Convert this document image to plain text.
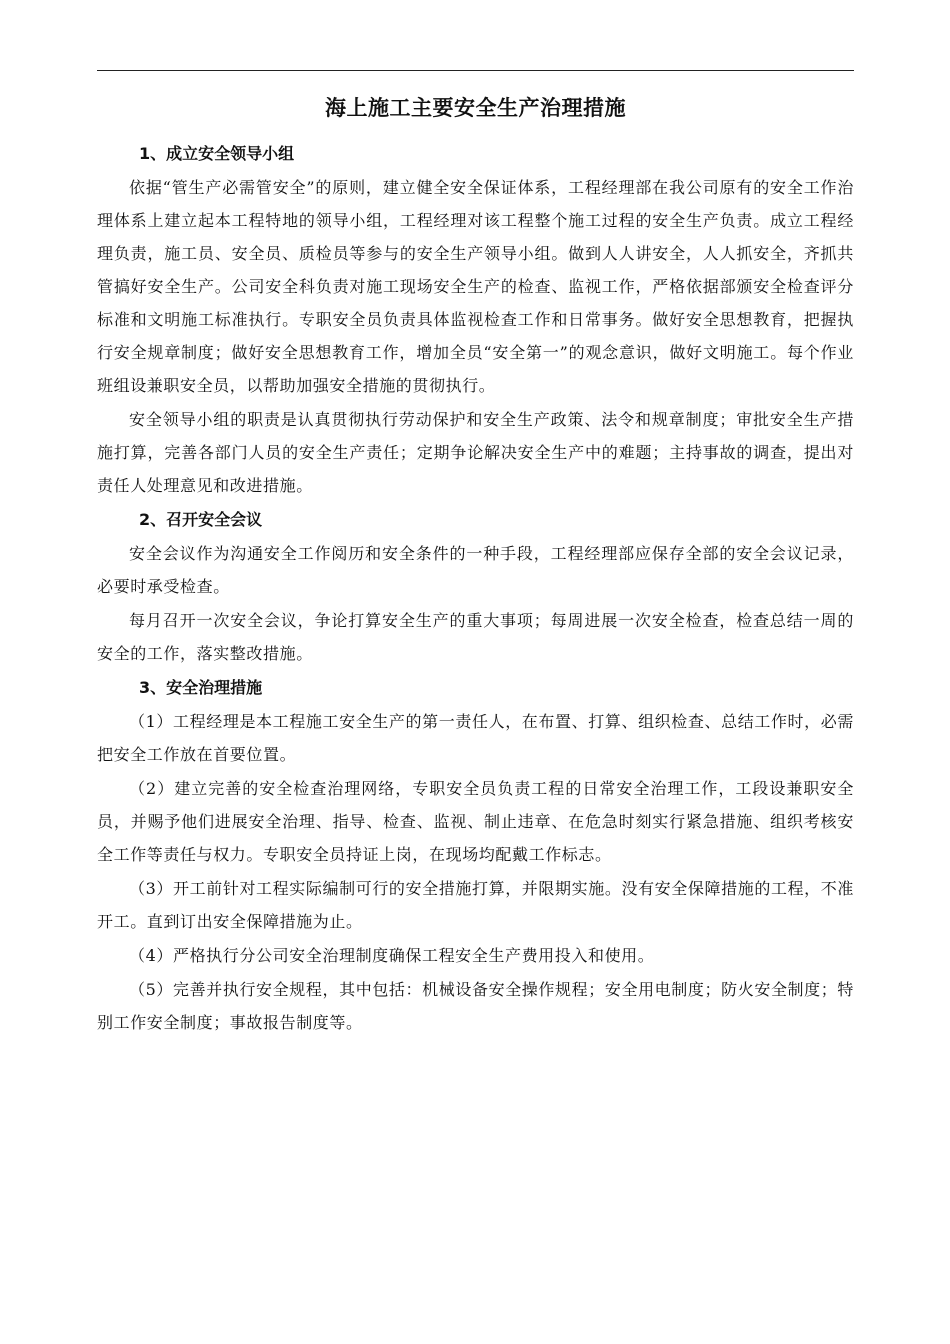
海上施工主要安全生产治理措施
1、成立安全领导小组

依据“管生产必需管安全”的原则，建立健全安全保证体系，工程经理部在我公司原有的安全工作治理体系上建立起本工程特地的领导小组，工程经理对该工程整个施工过程的安全生产负责。成立工程经理负责，施工员、安全员、质检员等参与的安全生产领导小组。做到人人讲安全，人人抓安全，齐抓共管搞好安全生产。公司安全科负责对施工现场安全生产的检查、监视工作，严格依据部颁安全检查评分标准和文明施工标准执行。专职安全员负责具体监视检查工作和日常事务。做好安全思想教育，把握执行安全规章制度；做好安全思想教育工作，增加全员“安全第一”的观念意识，做好文明施工。每个作业班组设兼职安全员，以帮助加强安全措施的贯彻执行。

安全领导小组的职责是认真贯彻执行劳动保护和安全生产政策、法令和规章制度；审批安全生产措施打算，完善各部门人员的安全生产责任；定期争论解决安全生产中的难题；主持事故的调查，提出对责任人处理意见和改进措施。

2、召开安全会议

安全会议作为沟通安全工作阅历和安全条件的一种手段，工程经理部应保存全部的安全会议记录，必要时承受检查。

每月召开一次安全会议，争论打算安全生产的重大事项；每周进展一次安全检查，检查总结一周的安全的工作，落实整改措施。

3、安全治理措施

（1）工程经理是本工程施工安全生产的第一责任人，在布置、打算、组织检查、总结工作时，必需把安全工作放在首要位置。

（2）建立完善的安全检查治理网络，专职安全员负责工程的日常安全治理工作，工段设兼职安全员，并赐予他们进展安全治理、指导、检查、监视、制止违章、在危急时刻实行紧急措施、组织考核安全工作等责任与权力。专职安全员持证上岗，在现场均配戴工作标志。

（3）开工前针对工程实际编制可行的安全措施打算，并限期实施。没有安全保障措施的工程，不准开工。直到订出安全保障措施为止。

（4）严格执行分公司安全治理制度确保工程安全生产费用投入和使用。

（5）完善并执行安全规程，其中包括：机械设备安全操作规程；安全用电制度；防火安全制度；特别工作安全制度；事故报告制度等。
